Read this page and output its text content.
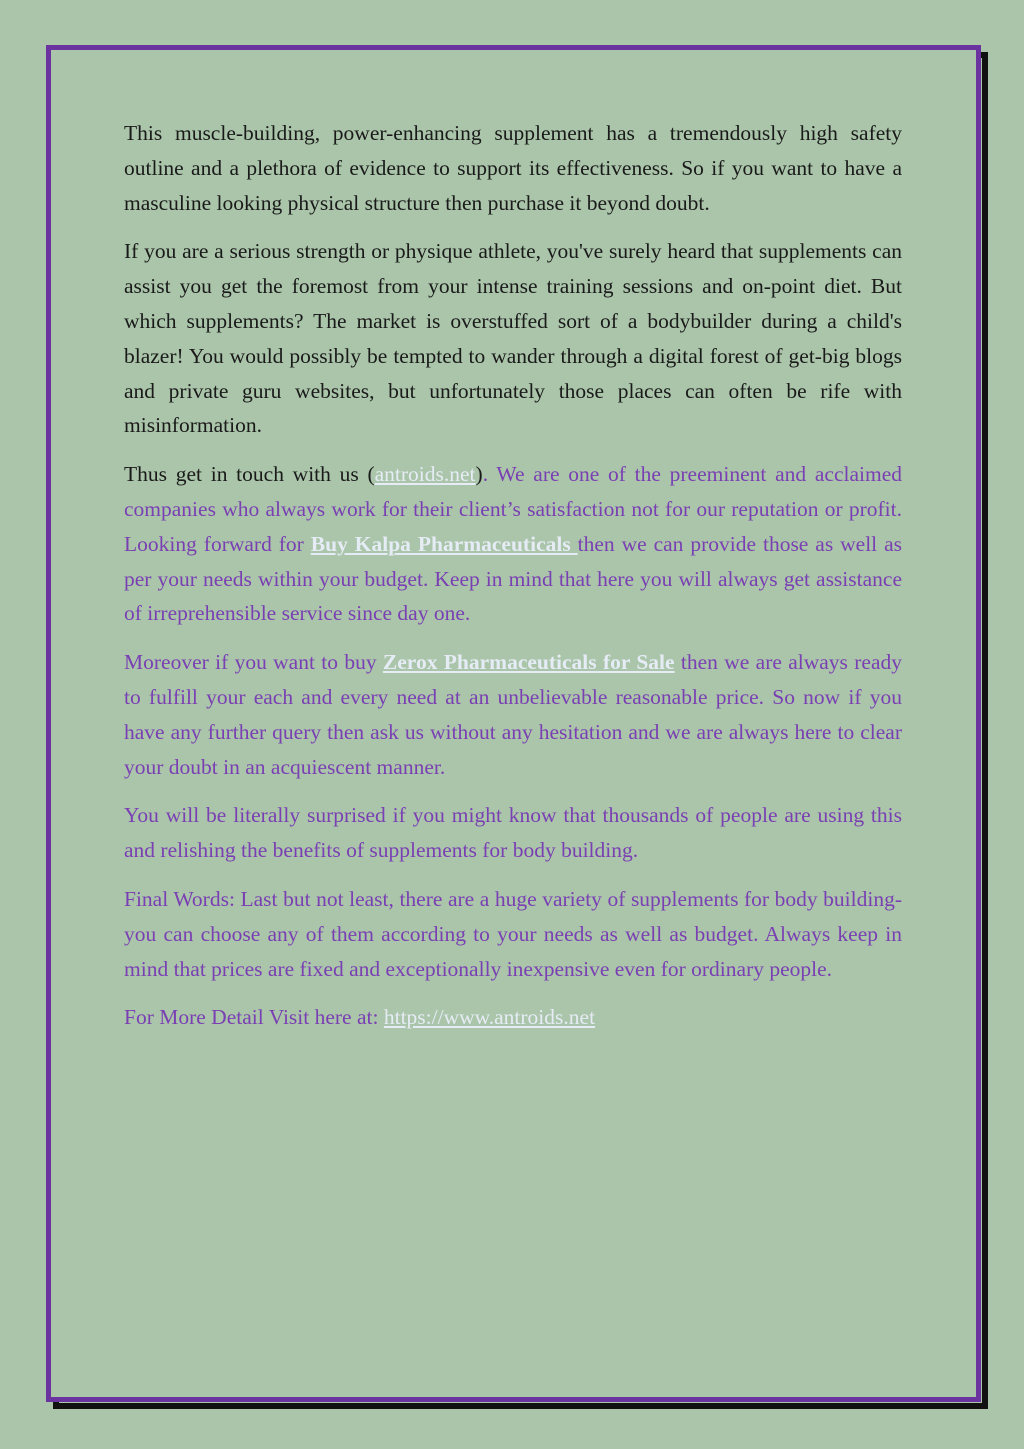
This muscle-building, power-enhancing supplement has a tremendously high safety outline and a plethora of evidence to support its effectiveness. So if you want to have a masculine looking physical structure then purchase it beyond doubt.

If you are a serious strength or physique athlete, you've surely heard that supplements can assist you get the foremost from your intense training sessions and on-point diet. But which supplements? The market is overstuffed sort of a bodybuilder during a child's blazer! You would possibly be tempted to wander through a digital forest of get-big blogs and private guru websites, but unfortunately those places can often be rife with misinformation.

Thus get in touch with us (antroids.net). We are one of the preeminent and acclaimed companies who always work for their client’s satisfaction not for our reputation or profit. Looking forward for Buy Kalpa Pharmaceuticals then we can provide those as well as per your needs within your budget. Keep in mind that here you will always get assistance of irreprehensible service since day one.

Moreover if you want to buy Zerox Pharmaceuticals for Sale then we are always ready to fulfill your each and every need at an unbelievable reasonable price. So now if you have any further query then ask us without any hesitation and we are always here to clear your doubt in an acquiescent manner.

You will be literally surprised if you might know that thousands of people are using this and relishing the benefits of supplements for body building.

Final Words: Last but not least, there are a huge variety of supplements for body building-you can choose any of them according to your needs as well as budget. Always keep in mind that prices are fixed and exceptionally inexpensive even for ordinary people.

For More Detail Visit here at: https://www.antroids.net
